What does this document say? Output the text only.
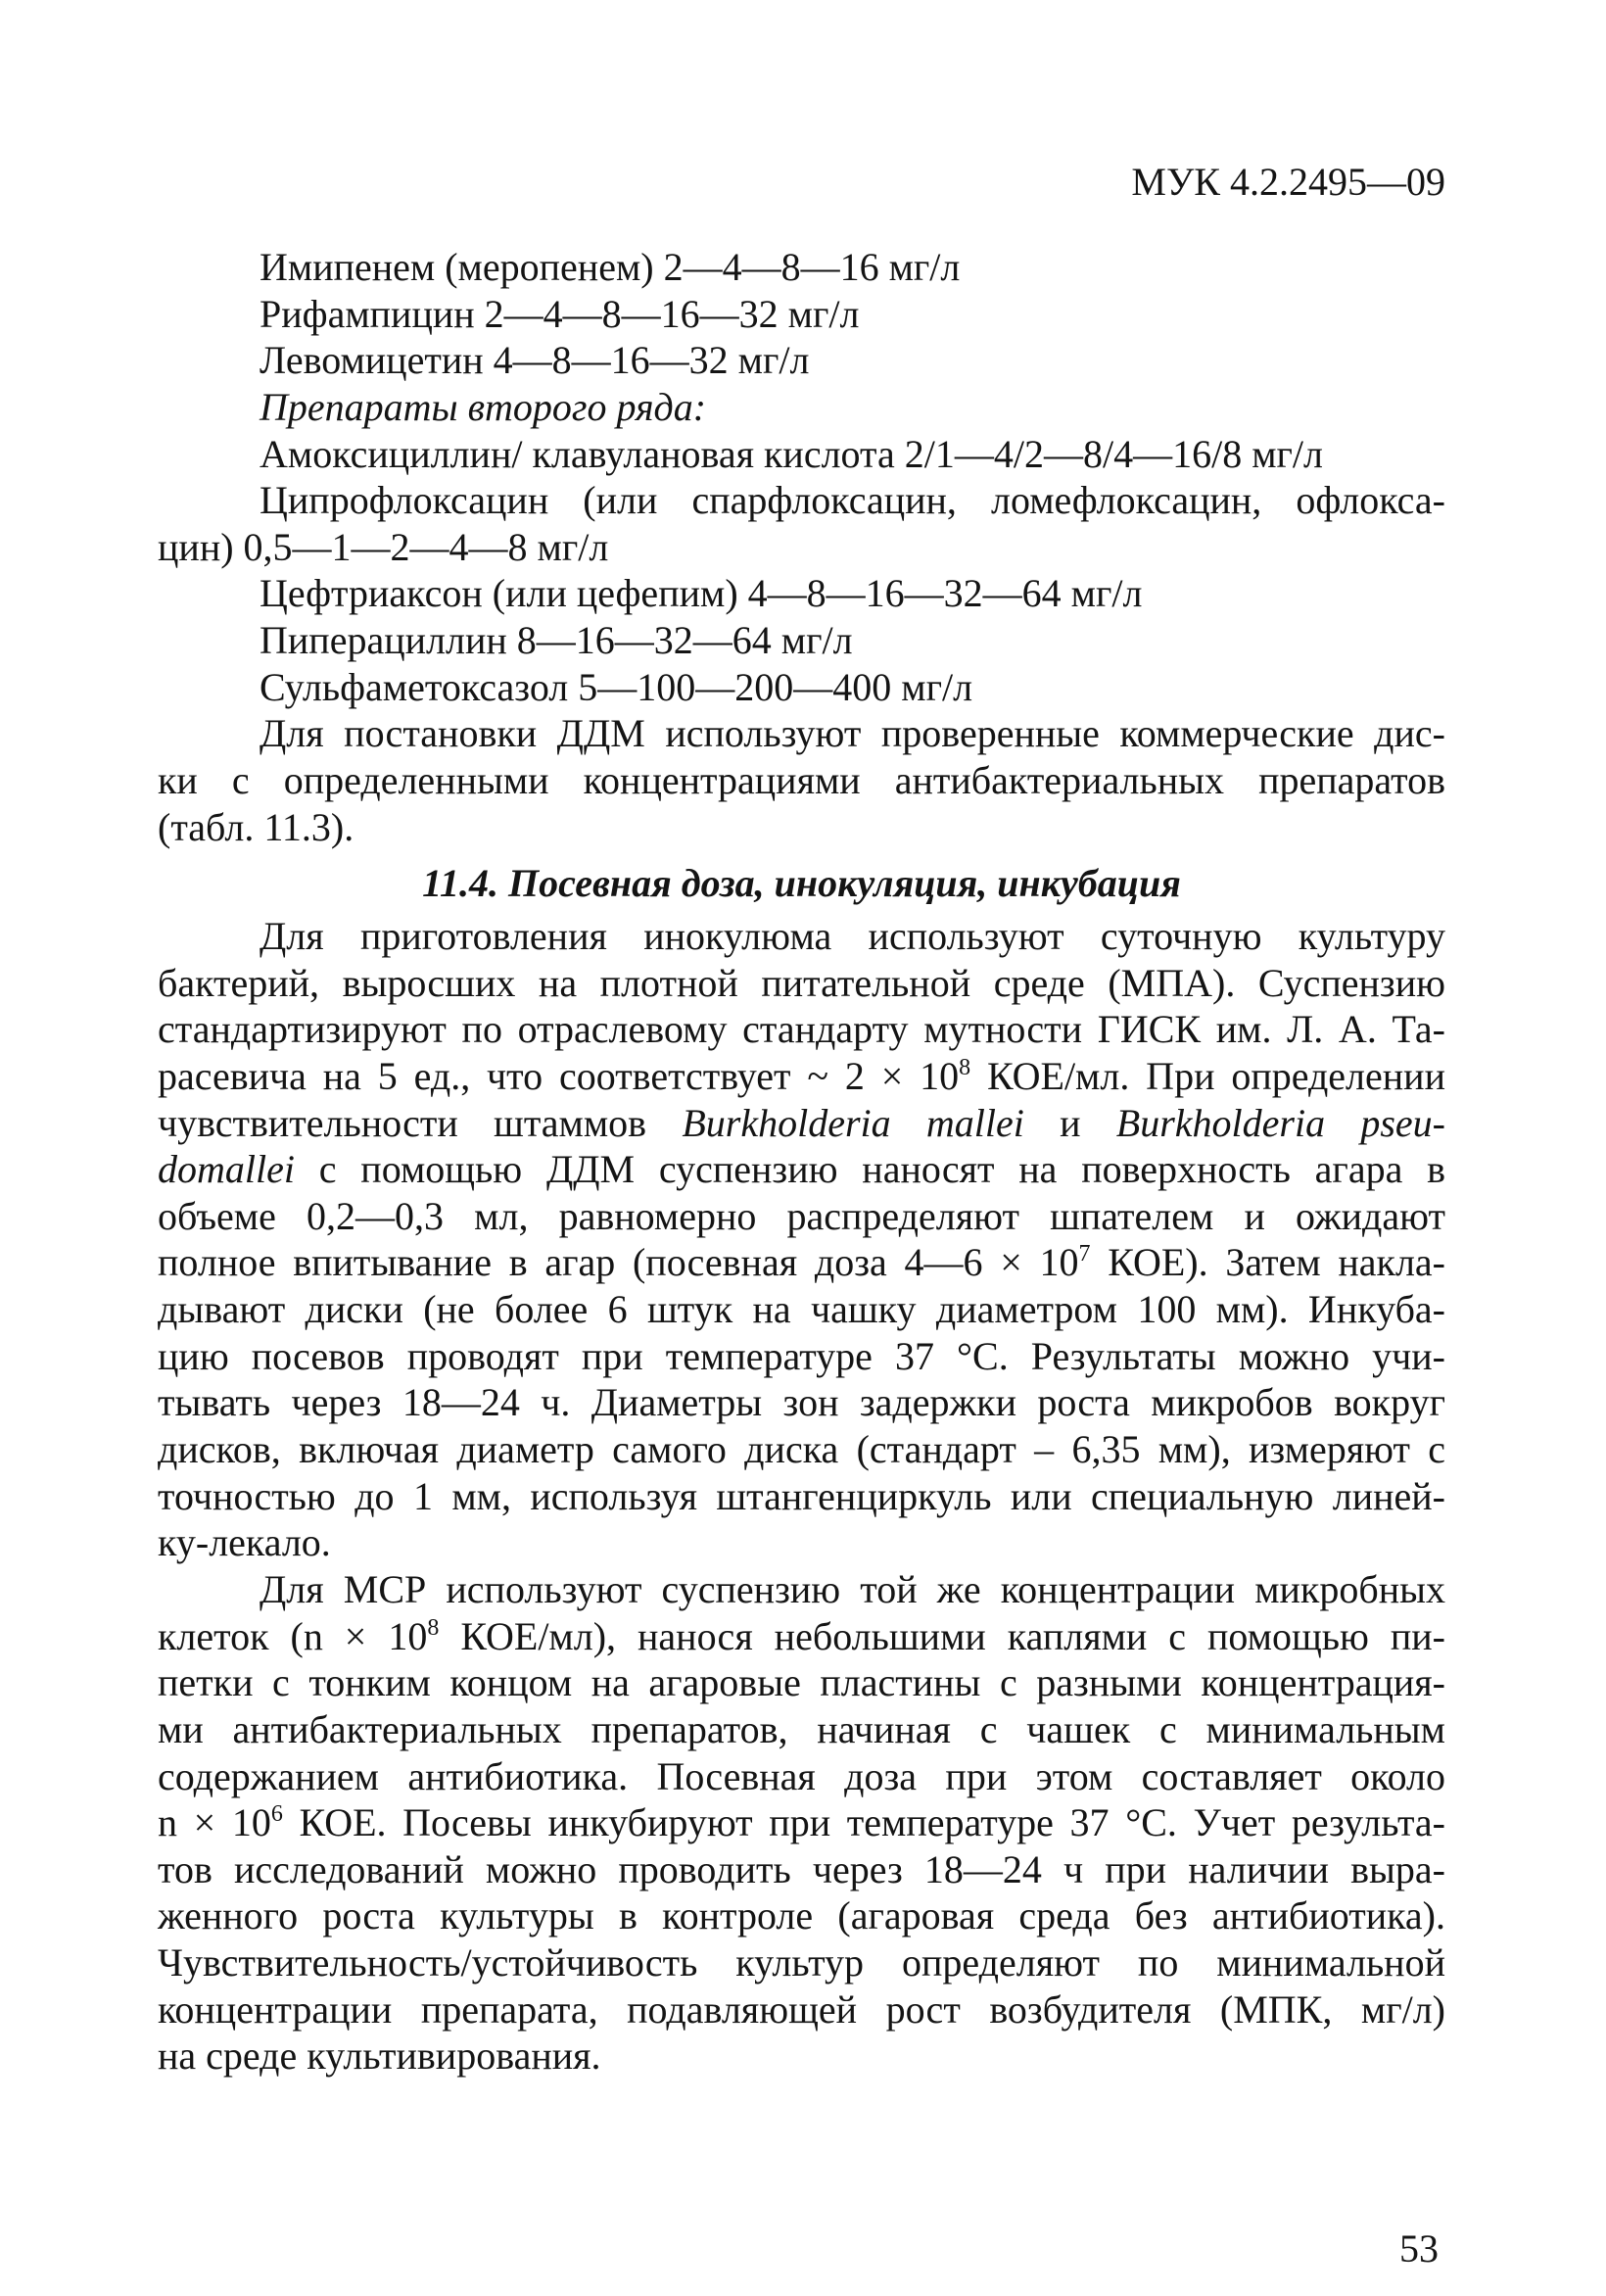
МУК 4.2.2495—09
Имипенем (меропенем) 2—4—8—16 мг/л
Рифампицин 2—4—8—16—32 мг/л
Левомицетин 4—8—16—32 мг/л
Препараты второго ряда:
Амоксициллин/ клавулановая кислота 2/1—4/2—8/4—16/8 мг/л
Ципрофлоксацин (или спарфлоксацин, ломефлоксацин, офлокса-
цин) 0,5—1—2—4—8 мг/л
Цефтриаксон (или цефепим) 4—8—16—32—64 мг/л
Пиперациллин 8—16—32—64 мг/л
Сульфаметоксазол 5—100—200—400 мг/л
Для постановки ДДМ используют проверенные коммерческие дис-
ки с определенными концентрациями антибактериальных препаратов
(табл. 11.3).
11.4. Посевная доза, инокуляция, инкубация
Для приготовления инокулюма используют суточную культуру
бактерий, выросших на плотной питательной среде (МПА). Суспензию
стандартизируют по отраслевому стандарту мутности ГИСК им. Л. А. Та-
расевича на 5 ед., что соответствует ~ $2 \times 10^8$ КОЕ/мл. При определении
чувствительности штаммов Burkholderia mallei и Burkholderia pseu-
domallei с помощью ДДМ суспензию наносят на поверхность агара в
объеме 0,2—0,3 мл, равномерно распределяют шпателем и ожидают
полное впитывание в агар (посевная доза 4—6 × $10^7$ КОЕ). Затем накла-
дывают диски (не более 6 штук на чашку диаметром 100 мм). Инкуба-
цию посевов проводят при температуре 37 °С. Результаты можно учи-
тывать через 18—24 ч. Диаметры зон задержки роста микробов вокруг
дисков, включая диаметр самого диска (стандарт – 6,35 мм), измеряют с
точностью до 1 мм, используя штангенциркуль или специальную линей-
ку-лекало.
Для МСР используют суспензию той же концентрации микробных
клеток ($n \times 10^8$ КОЕ/мл), нанося небольшими каплями с помощью пи-
петки с тонким концом на агаровые пластины с разными концентрация-
ми антибактериальных препаратов, начиная с чашек с минимальным
содержанием антибиотика. Посевная доза при этом составляет около
$n \times 10^6$ КОЕ. Посевы инкубируют при температуре 37 °С. Учет результа-
тов исследований можно проводить через 18—24 ч при наличии выра-
женного роста культуры в контроле (агаровая среда без антибиотика).
Чувствительность/устойчивость культур определяют по минимальной
концентрации препарата, подавляющей рост возбудителя (МПК, мг/л)
на среде культивирования.
53
